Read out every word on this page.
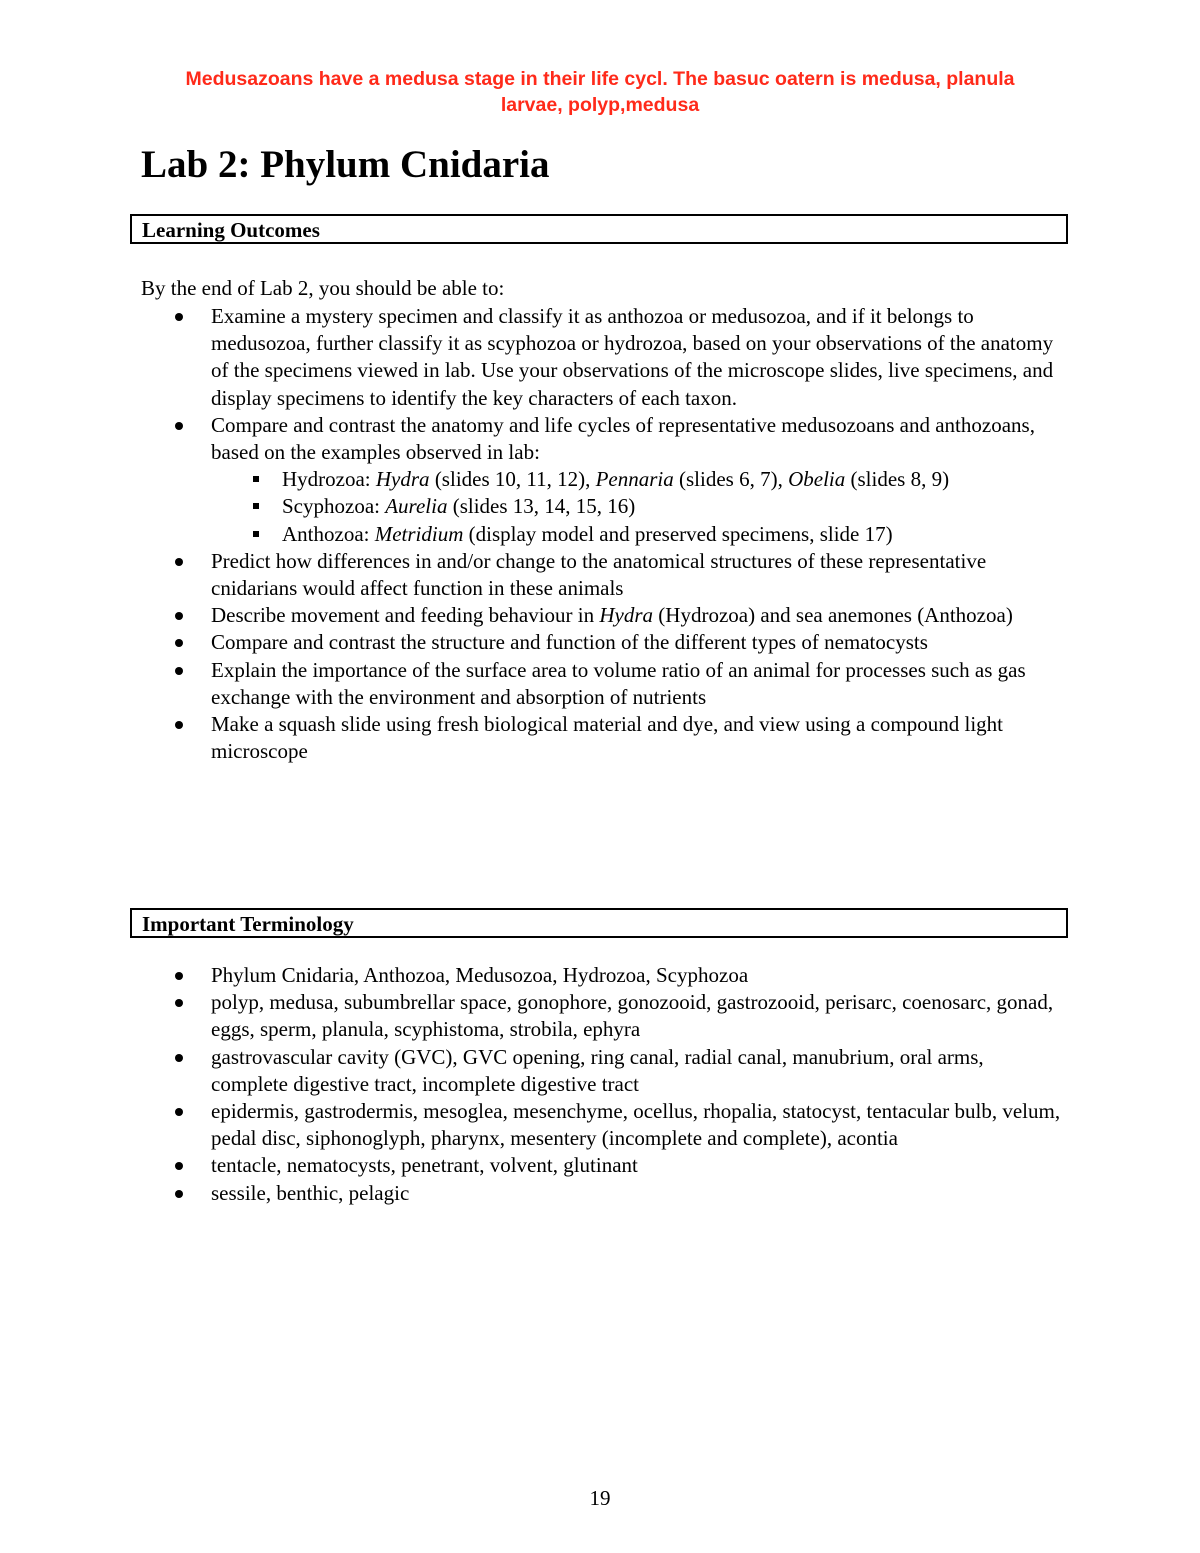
Medusazoans have a medusa stage in their life cycl. The basuc oatern is medusa, planula
larvae, polyp,medusa
Lab 2: Phylum Cnidaria
Learning Outcomes
By the end of Lab 2, you should be able to:
Examine a mystery specimen and classify it as anthozoa or medusozoa, and if it belongs to medusozoa, further classify it as scyphozoa or hydrozoa, based on your observations of the anatomy of the specimens viewed in lab. Use your observations of the microscope slides, live specimens, and display specimens to identify the key characters of each taxon.
Compare and contrast the anatomy and life cycles of representative medusozoans and anthozoans, based on the examples observed in lab:
Hydrozoa: Hydra (slides 10, 11, 12), Pennaria (slides 6, 7), Obelia (slides 8, 9)
Scyphozoa: Aurelia (slides 13, 14, 15, 16)
Anthozoa: Metridium (display model and preserved specimens, slide 17)
Predict how differences in and/or change to the anatomical structures of these representative cnidarians would affect function in these animals
Describe movement and feeding behaviour in Hydra (Hydrozoa) and sea anemones (Anthozoa)
Compare and contrast the structure and function of the different types of nematocysts
Explain the importance of the surface area to volume ratio of an animal for processes such as gas exchange with the environment and absorption of nutrients
Make a squash slide using fresh biological material and dye, and view using a compound light microscope
Important Terminology
Phylum Cnidaria, Anthozoa, Medusozoa, Hydrozoa, Scyphozoa
polyp, medusa, subumbrellar space, gonophore, gonozooid, gastrozooid, perisarc, coenosarc, gonad, eggs, sperm, planula, scyphistoma, strobila, ephyra
gastrovascular cavity (GVC), GVC opening, ring canal, radial canal, manubrium, oral arms, complete digestive tract, incomplete digestive tract
epidermis, gastrodermis, mesoglea, mesenchyme, ocellus, rhopalia, statocyst, tentacular bulb, velum, pedal disc, siphonoglyph, pharynx, mesentery (incomplete and complete), acontia
tentacle, nematocysts, penetrant, volvent, glutinant
sessile, benthic, pelagic
19
